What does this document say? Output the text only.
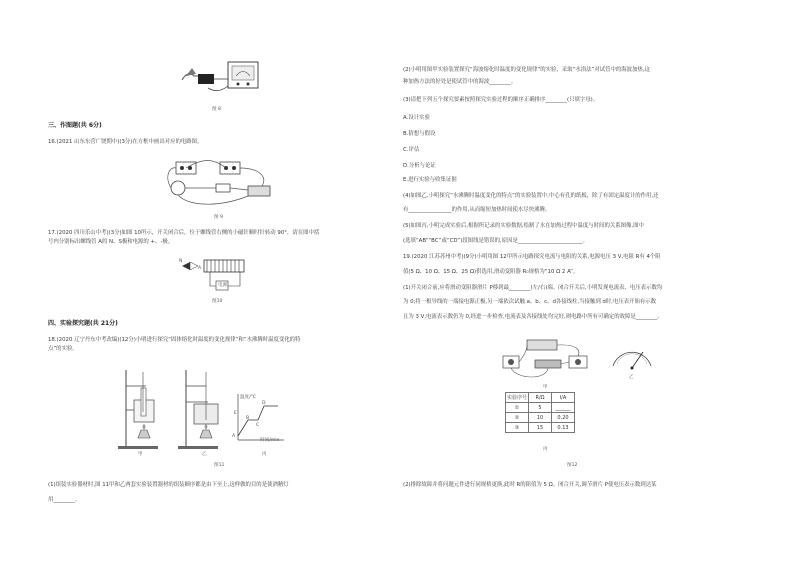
图 8
三、作图题(共 6分)
16.(2021 山东东营广饶期中)(3分)在方框中画出对应的电路图。
图 9
17.(2020 四川乐山中考)(3分)如图 10所示，开关闭合后，位于螺线管右侧的小磁针顺时针转动 90°，请在图中括
号内分别标出螺线管 A的 N、S极和电源的 +、-极。
N
A
电源
图10
四、实验探究题(共 21分)
18.(2020 辽宁丹东中考改编)(12分)小明进行探究“固体熔化时温度的变化规律”和“水沸腾时温度变化的特
点”的实验。
温度/℃
时间/min
A
B
C
D
E
甲	乙	丙
图11
(1)组装实验器材时,图 11甲和乙两套实验装置器材的组装顺序都是由下至上,这样做的目的是使酒精灯
用________。
(2)小明用图甲实验装置探究“海波熔化时温度的变化规律”的实验，采取“水浴法”对试管中的海波加热,这
种加热方法的好处是使试管中的海波________。
(3)请把下列五个探究要素按照探究实验过程的顺序正确排序________(只填字母)。
A.设计实验
B.猜想与假设
C.评估
D.分析与论证
E.进行实验与收集证据
(4)如图乙,小明探究“水沸腾时温度变化的特点”的实验装置中,中心有孔的纸板，除了有固定温度计的作用,还
有________________的作用,从而缩短加热时间使水尽快沸腾。
(5)如图丙,小明完成实验后,根据所记录的实验数据,绘制了水在加热过程中温度与时间的关系图像,图中
(选填“AB”“BC”或“CD”)段图线是错误的,原因是________________________。
19.(2020 江苏苏州中考)(9分)小明用图 12甲所示电路探究电流与电阻的关系,电源电压 3 V,电阻 R有 4个阻
值(5 Ω、10 Ω、15 Ω、25 Ω)供选用,滑动变阻器 R₀规格为“10 Ω 2 A”。
(1)开关闭合前,应将滑动变阻器滑片 P移到最________(左/右)端。闭合开关后,小明发现电流表、电压表示数均
为 0;将一根导线的一端接电源正极,另一端依次试触 a、b、c、d各接线柱,当接触到 d时,电压表开始有示数
且为 3 V,电流表示数仍为 0,经进一步检查,电流表及各接线处均完好,则电路中所有可确定的故障是________。
甲
乙
实验序号	R/Ω	I/A
①	5	______
②	10	0.20
③	15	0.13
丙
图12
(2)排除故障并将问题元件进行同规格更换,此时 R的阻值为 5 Ω。闭合开关,调节滑片 P使电压表示数到达某
